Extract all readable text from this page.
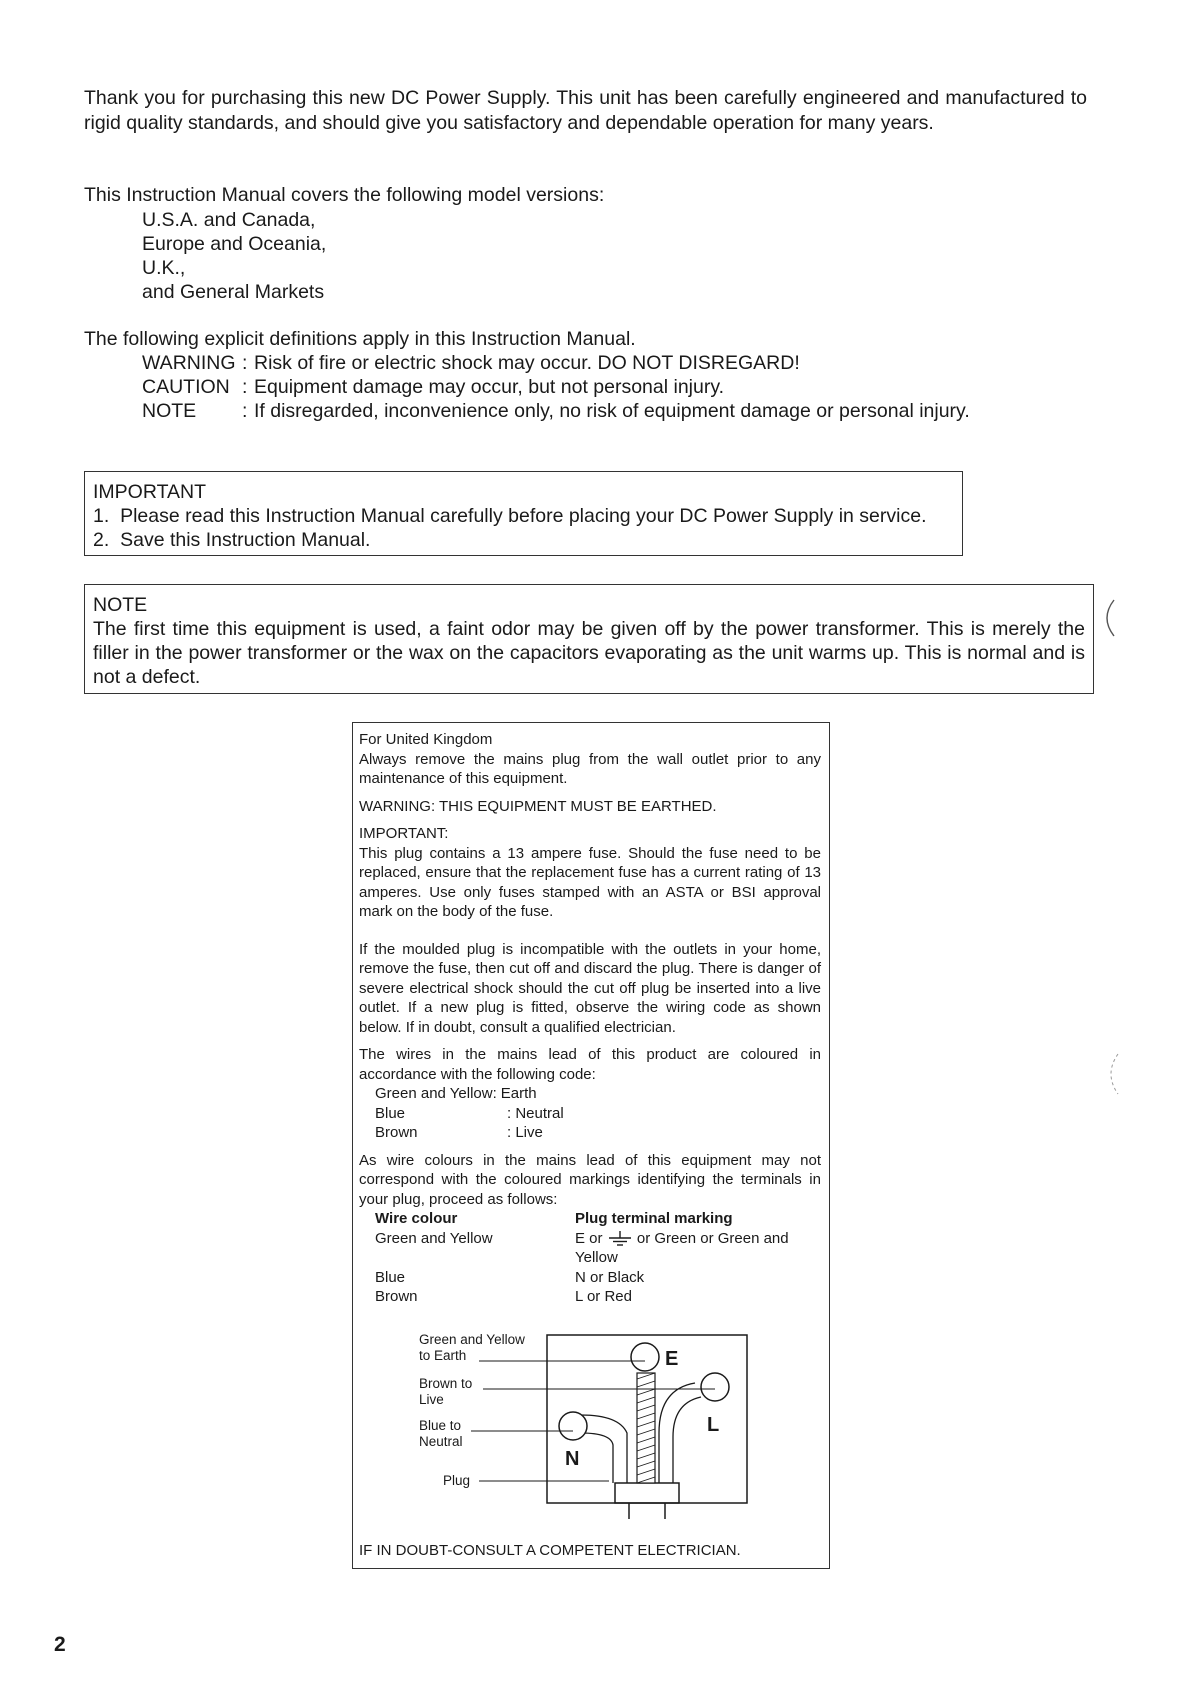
Thank you for purchasing this new DC Power Supply. This unit has been carefully engineered and manufactured to rigid quality standards, and should give you satisfactory and dependable operation for many years.

This Instruction Manual covers the following model versions:

U.S.A. and Canada,
Europe and Oceania,
U.K.,
and General Markets

The following explicit definitions apply in this Instruction Manual.

WARNING : Risk of fire or electric shock may occur. DO NOT DISREGARD!
CAUTION : Equipment damage may occur, but not personal injury.
NOTE	: If disregarded, inconvenience only, no risk of equipment damage or personal injury.

IMPORTANT

1.  Please read this Instruction Manual carefully before placing your DC Power Supply in service.

2.  Save this Instruction Manual.

NOTE

The first time this equipment is used, a faint odor may be given off by the power transformer. This is merely the filler in the power transformer or the wax on the capacitors evaporating as the unit warms up. This is normal and is not a defect.

For United Kingdom

Always remove the mains plug from the wall outlet prior to any maintenance of this equipment.

WARNING: THIS EQUIPMENT MUST BE EARTHED.

IMPORTANT:

This plug contains a 13 ampere fuse. Should the fuse need to be replaced, ensure that the replacement fuse has a current rating of 13 amperes. Use only fuses stamped with an ASTA or BSI approval mark on the body of the fuse.

If the moulded plug is incompatible with the outlets in your home, remove the fuse, then cut off and discard the plug. There is danger of severe electrical shock should the cut off plug be inserted into a live outlet. If a new plug is fitted, observe the wiring code as shown below. If in doubt, consult a qualified electrician.

The wires in the mains lead of this product are coloured in accordance with the following code:

Green and Yellow: Earth
Blue	: Neutral
Brown	: Live

As wire colours in the mains lead of this equipment may not correspond with the coloured markings identifying the terminals in your plug, proceed as follows:

Wire colour	Plug terminal marking
Green and Yellow	E or or Green or Green and Yellow
Blue	N or Black
Brown	L or Red
Green and Yellow
to Earth
Brown to
Live
Blue to
Neutral
Plug
E
L
N

IF IN DOUBT-CONSULT A COMPETENT ELECTRICIAN.

2
